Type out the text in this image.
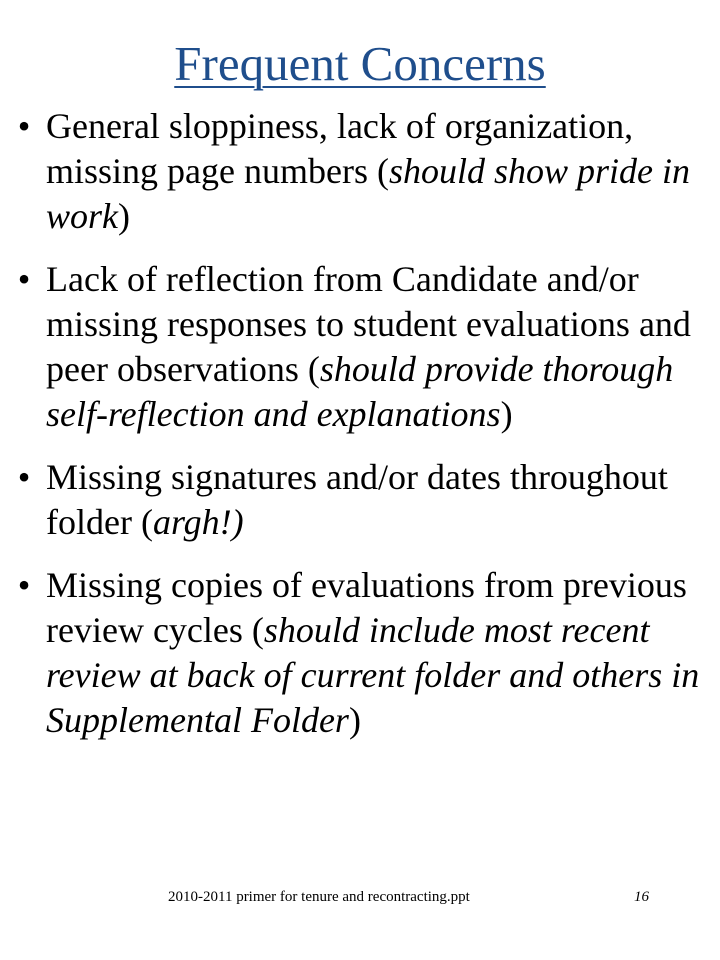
Frequent Concerns
• General sloppiness, lack of organization, missing page numbers (should show pride in work)
• Lack of reflection from Candidate and/or missing responses to student evaluations and peer observations (should provide thorough self-reflection and explanations)
• Missing signatures and/or dates throughout folder (argh!)
• Missing copies of evaluations from previous review cycles (should include most recent review at back of current folder and others in Supplemental Folder)
2010-2011 primer for tenure and recontracting.ppt	16
